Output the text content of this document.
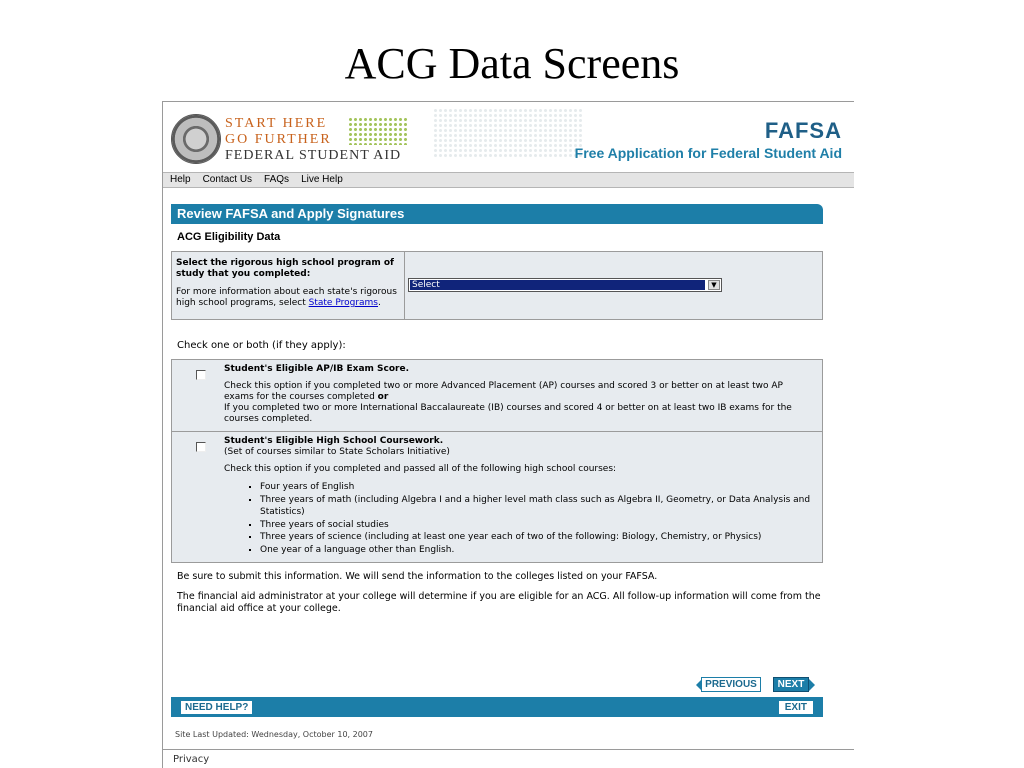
ACG Data Screens
START HERE
GO FURTHER
FEDERAL STUDENT AID
FAFSA
Free Application for Federal Student Aid
Help Contact Us FAQs Live Help
Review FAFSA and Apply Signatures
ACG Eligibility Data
Select the rigorous high school program of study that you completed:
For more information about each state's rigorous high school programs, select State Programs.
Select	▼
Check one or both (if they apply):
Student's Eligible AP/IB Exam Score.

Check this option if you completed two or more Advanced Placement (AP) courses and scored 3 or better on at least two AP exams for the courses completed or
If you completed two or more International Baccalaureate (IB) courses and scored 4 or better on at least two IB exams for the courses completed.

Student's Eligible High School Coursework.
(Set of courses similar to State Scholars Initiative)

Check this option if you completed and passed all of the following high school courses:

▪ Four years of English
▪ Three years of math (including Algebra I and a higher level math class such as Algebra II, Geometry, or Data Analysis and Statistics)
▪ Three years of social studies
▪ Three years of science (including at least one year each of two of the following: Biology, Chemistry, or Physics)
▪ One year of a language other than English.
Be sure to submit this information. We will send the information to the colleges listed on your FAFSA.
The financial aid administrator at your college will determine if you are eligible for an ACG. All follow-up information will come from the financial aid office at your college.
PREVIOUS	NEXT
NEED HELP?	EXIT
Site Last Updated: Wednesday, October 10, 2007
Privacy
